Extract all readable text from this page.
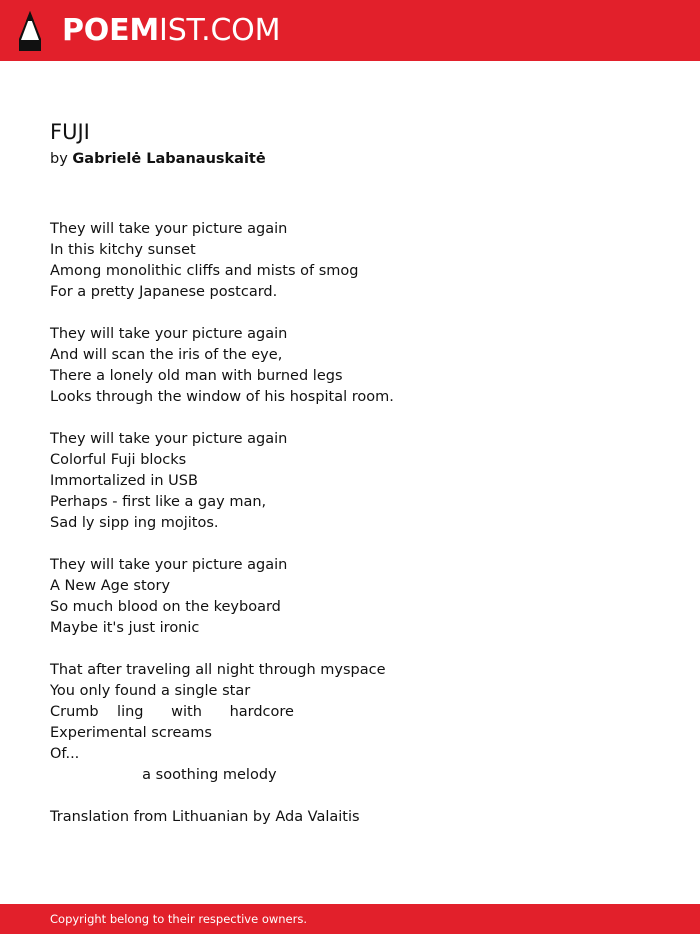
POEMIST.COM
FUJI
by Gabrielė Labanauskaitė
They will take your picture again
In this kitchy sunset
Among monolithic cliffs and mists of smog
For a pretty Japanese postcard.
They will take your picture again
And will scan the iris of the eye,
There a lonely old man with burned legs
Looks through the window of his hospital room.
They will take your picture again
Colorful Fuji blocks
Immortalized in USB
Perhaps - first like a gay man,
Sad ly sipp ing mojitos.
They will take your picture again
A New Age story
So much blood on the keyboard
Maybe it's just ironic
That after traveling all night through myspace
You only found a single star
Crumb    ling      with      hardcore
Experimental screams
Of...
a soothing melody
Translation from Lithuanian by Ada Valaitis
Copyright belong to their respective owners.
